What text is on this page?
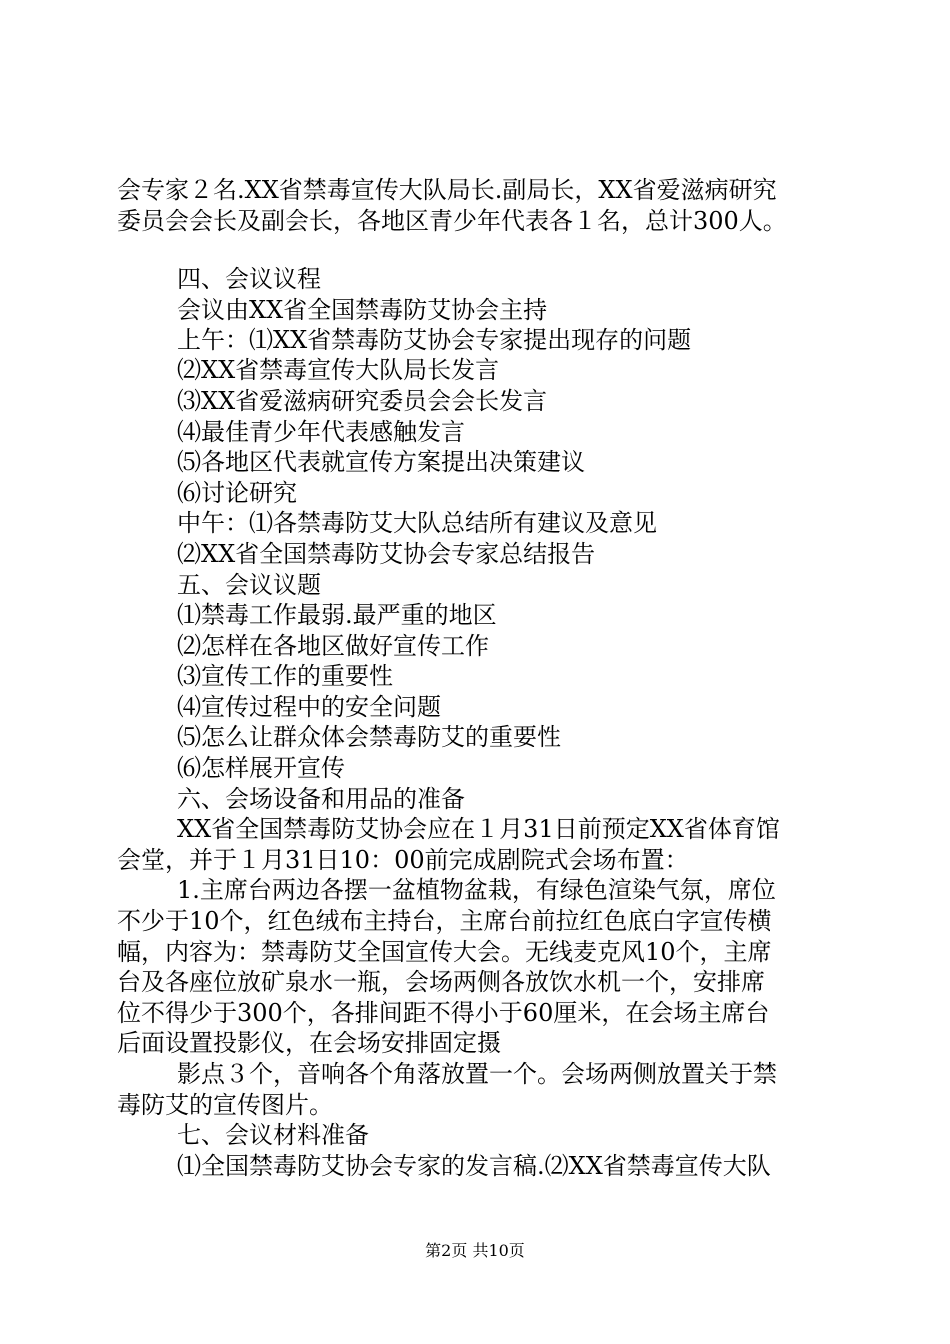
会专家２名.XX省禁毒宣传大队局长.副局长，XX省爱滋病研究
委员会会长及副会长，各地区青少年代表各１名，总计300人。
四、会议议程
会议由XX省全国禁毒防艾协会主持
上午：⑴XX省禁毒防艾协会专家提出现存的问题
⑵XX省禁毒宣传大队局长发言
⑶XX省爱滋病研究委员会会长发言
⑷最佳青少年代表感触发言
⑸各地区代表就宣传方案提出决策建议
⑹讨论研究
中午：⑴各禁毒防艾大队总结所有建议及意见
⑵XX省全国禁毒防艾协会专家总结报告
五、会议议题
⑴禁毒工作最弱.最严重的地区
⑵怎样在各地区做好宣传工作
⑶宣传工作的重要性
⑷宣传过程中的安全问题
⑸怎么让群众体会禁毒防艾的重要性
⑹怎样展开宣传
六、会场设备和用品的准备
XX省全国禁毒防艾协会应在１月31日前预定XX省体育馆
会堂，并于１月31日10：00前完成剧院式会场布置：
1.主席台两边各摆一盆植物盆栽，有绿色渲染气氛，席位
不少于10个，红色绒布主持台，主席台前拉红色底白字宣传横
幅，内容为：禁毒防艾全国宣传大会。无线麦克风10个，主席
台及各座位放矿泉水一瓶，会场两侧各放饮水机一个，安排席
位不得少于300个，各排间距不得小于60厘米，在会场主席台
后面设置投影仪，在会场安排固定摄
影点３个，音响各个角落放置一个。会场两侧放置关于禁
毒防艾的宣传图片。
七、会议材料准备
⑴全国禁毒防艾协会专家的发言稿.⑵XX省禁毒宣传大队
第2页 共10页
